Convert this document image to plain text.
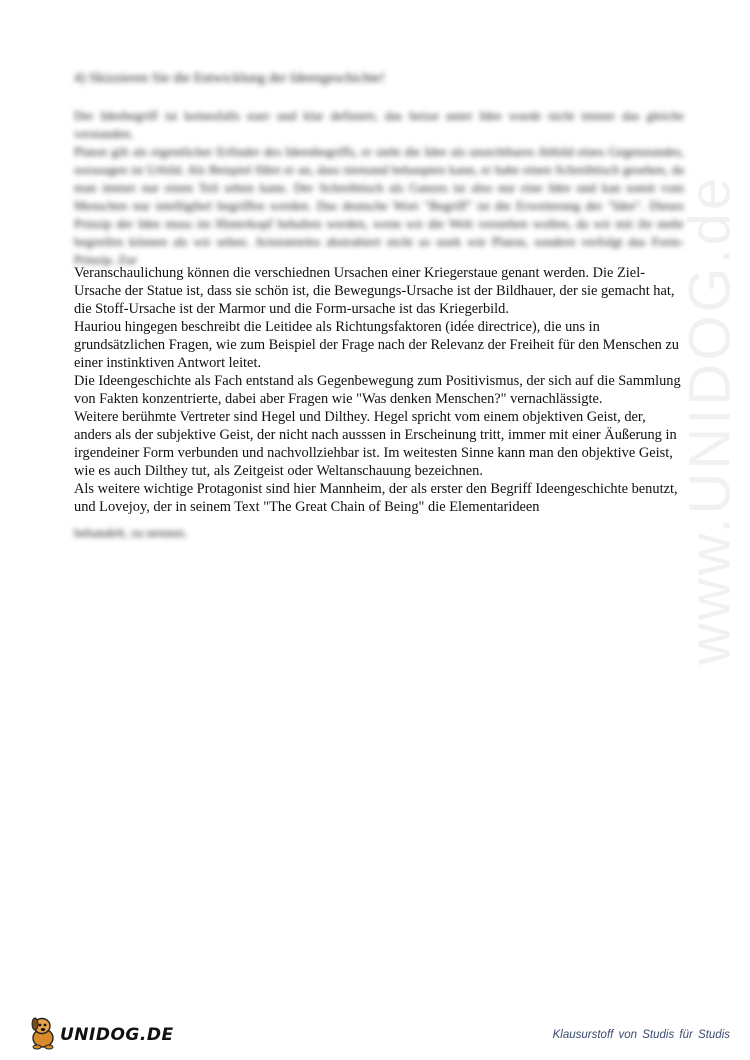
www.UNIDOG.de
4) Skizzieren Sie die Entwicklung der Ideengeschichte!

Der Ideebegriff ist keinesfalls starr und klar definiert, das heisst unter Idee wurde nicht immer das gleiche verstanden.

Platon gilt als eigentlicher Erfinder des Ideenbegriffs, er sieht die Idee als unsichtbares Abbild eines Gegenstandes, sozusagen ist Urbild. Als Beispiel führt er an, dass niemand behaupten kann, er habe einen Schreibtisch gesehen, da man immer nur einen Teil sehen kann. Der Schreibtisch als Ganzes ist also nur eine Idee und kan somit vom Menschen nur intelligibel begriffen werden. Das deutsche Wort "Begriff" ist die Erweiterung der "Idee". Dieses Prinzip der Idee muss im Hinterkopf behalten werden, wenn wir die Welt verstehen wollen, da wir mit ihr mehr begreifen können als wir sehen. Aristoteteles abstrahiert nicht so stark wie Platon, sondern verfolgt das Form-Prinzip. Zur

Veranschaulichung können die verschiednen Ursachen einer Kriegerstaue genant werden. Die Ziel-Ursache der Statue ist, dass sie schön ist, die Bewegungs-Ursache ist der Bildhauer, der sie gemacht hat, die Stoff-Ursache ist der Marmor und die Form-ursache ist das Kriegerbild.

Hauriou hingegen beschreibt die Leitidee als Richtungsfaktoren (idée directrice), die uns in grundsätzlichen Fragen, wie zum Beispiel der Frage nach der Relevanz der Freiheit für den Menschen zu einer instinktiven Antwort leitet.

Die Ideengeschichte als Fach entstand als Gegenbewegung zum Positivismus, der sich auf die Sammlung von Fakten konzentrierte, dabei aber Fragen wie "Was denken Menschen?" vernachlässigte.

Weitere berühmte Vertreter sind Hegel und Dilthey. Hegel spricht vom einem objektiven Geist, der, anders als der subjektive Geist, der nicht nach ausssen in Erscheinung tritt, immer mit einer Äußerung in irgendeiner Form verbunden und nachvollziehbar ist. Im weitesten Sinne kann man den objektive Geist, wie es auch Dilthey tut, als Zeitgeist oder Weltanschauung bezeichnen.

Als weitere wichtige Protagonist sind hier Mannheim, der als erster den Begriff Ideengeschichte benutzt, und Lovejoy, der in seinem Text "The Great Chain of Being" die Elementarideen

behandelt, zu nennen.
UNIDOG.DE	Klausurstoff von Studis für Studis
